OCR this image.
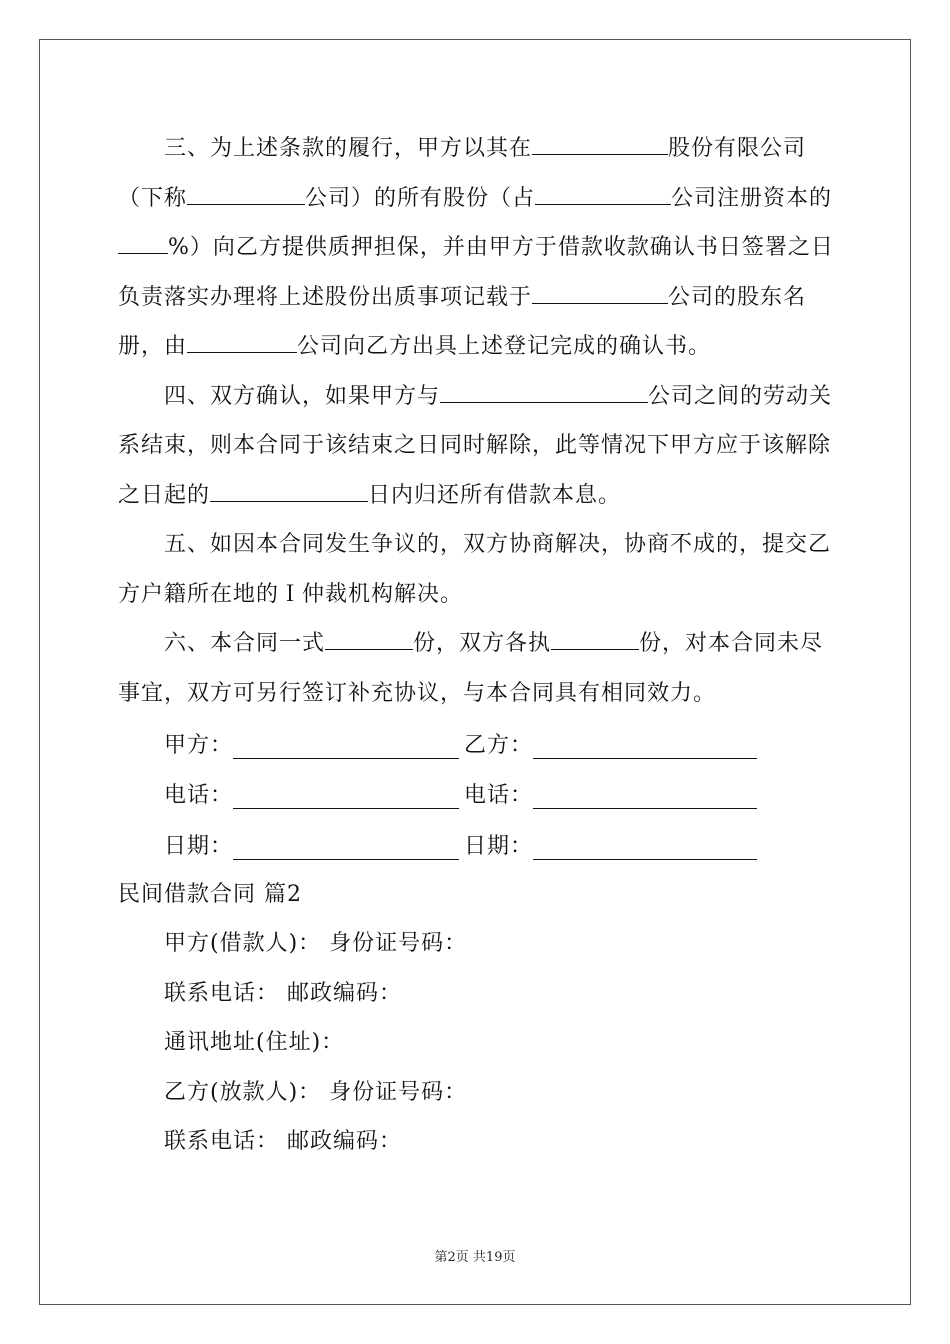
三、为上述条款的履行，甲方以其在	股份有限公司（下称	公司）的所有股份（占	公司注册资本的%）向乙方提供质押担保，并由甲方于借款收款确认书日签署之日负责落实办理将上述股份出质事项记载于	公司的股东名册，由	公司向乙方出具上述登记完成的确认书。

四、双方确认，如果甲方与	公司之间的劳动关系结束，则本合同于该结束之日同时解除，此等情况下甲方应于该解除之日起的	日内归还所有借款本息。

五、如因本合同发生争议的，双方协商解决，协商不成的，提交乙方户籍所在地的Ｉ仲裁机构解决。

六、本合同一式	份，双方各执	份，对本合同未尽事宜，双方可另行签订补充协议，与本合同具有相同效力。

甲方：	乙方：
电话：	电话：
日期：	日期：

民间借款合同 篇2

甲方(借款人)： 身份证号码：

联系电话： 邮政编码：

通讯地址(住址)：

乙方(放款人)： 身份证号码：

联系电话： 邮政编码：

第2页 共19页
